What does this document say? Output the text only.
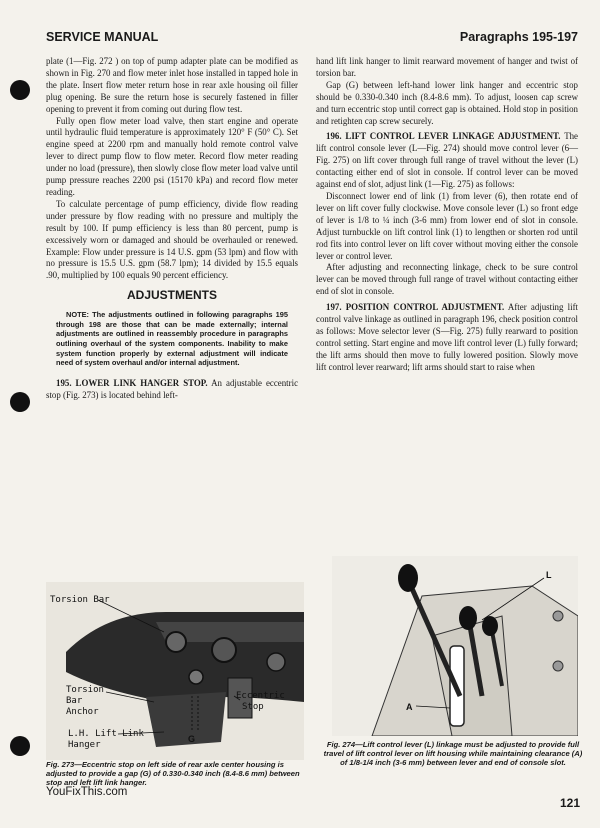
SERVICE MANUAL	Paragraphs 195-197

plate (1—Fig. 272 ) on top of pump adapter plate can be modified as shown in Fig. 270 and flow meter inlet hose installed in tapped hole in the plate. Insert flow meter return hose in rear axle housing oil filler plug opening. Be sure the return hose is securely fastened in filler opening to prevent it from coming out during flow test.

Fully open flow meter load valve, then start engine and operate until hydraulic fluid temperature is approximately 120° F (50° C). Set engine speed at 2200 rpm and manually hold remote control valve lever to direct pump flow to flow meter. Record flow meter reading under no load (pressure), then slowly close flow meter load valve until pump pressure reaches 2200 psi (15170 kPa) and record flow meter reading.

To calculate percentage of pump efficiency, divide flow reading under pressure by flow reading with no pressure and multiply the result by 100. If pump efficiency is less than 80 percent, pump is excessively worn or damaged and should be overhauled or renewed. Example: Flow under pressure is 14 U.S. gpm (53 lpm) and flow with no pressure is 15.5 U.S. gpm (58.7 lpm); 14 divided by 15.5 equals .90, multiplied by 100 equals 90 percent efficiency.

ADJUSTMENTS
NOTE: The adjustments outlined in following paragraphs 195 through 198 are those that can be made externally; internal adjustments are outlined in reassembly procedure in paragraphs outlining overhaul of the system components. Inability to make system function properly by external adjustment will indicate need of system overhaul and/or internal adjustment.

195. LOWER LINK HANGER STOP. An adjustable eccentric stop (Fig. 273) is located behind left-

hand lift link hanger to limit rearward movement of hanger and twist of torsion bar.

Gap (G) between left-hand lower link hanger and eccentric stop should be 0.330-0.340 inch (8.4-8.6 mm). To adjust, loosen cap screw and turn eccentric stop until correct gap is obtained. Hold stop in position and retighten cap screw securely.

196. LIFT CONTROL LEVER LINKAGE ADJUSTMENT. The lift control console lever (L—Fig. 274) should move control lever (6—Fig. 275) on lift cover through full range of travel without the lever (L) contacting either end of slot in console. If control lever can be moved against end of slot, adjust link (1—Fig. 275) as follows:

Disconnect lower end of link (1) from lever (6), then rotate end of lever on lift cover fully clockwise. Move console lever (L) so front edge of lever is 1/8 to ¼ inch (3-6 mm) from lower end of slot in console. Adjust turnbuckle on lift control link (1) to lengthen or shorten rod until rod fits into control lever on lift cover without moving either the console lever or control lever.

After adjusting and reconnecting linkage, check to be sure control lever can be moved through full range of travel without contacting either end of slot in console.

197. POSITION CONTROL ADJUSTMENT. After adjusting lift control valve linkage as outlined in paragraph 196, check position control as follows: Move selector lever (S—Fig. 275) fully rearward to position control setting. Start engine and move lift control lever (L) fully forward; the lift arms should then move to fully lowered position. Slowly move lift control lever rearward; lift arms should start to raise when

Torsion Bar
Torsion
Bar
Anchor
L.H. Lift Link
Hanger
G
Eccentric
Stop
Fig. 273—Eccentric stop on left side of rear axle center housing is adjusted to provide a gap (G) of 0.330-0.340 inch (8.4-8.6 mm) between stop and left lift link hanger.
L
A
Fig. 274—Lift control lever (L) linkage must be adjusted to provide full travel of lift control lever on lift housing while maintaining clearance (A) of 1/8-1/4 inch (3-6 mm) between lever and end of console slot.
YouFixThis.com
121
